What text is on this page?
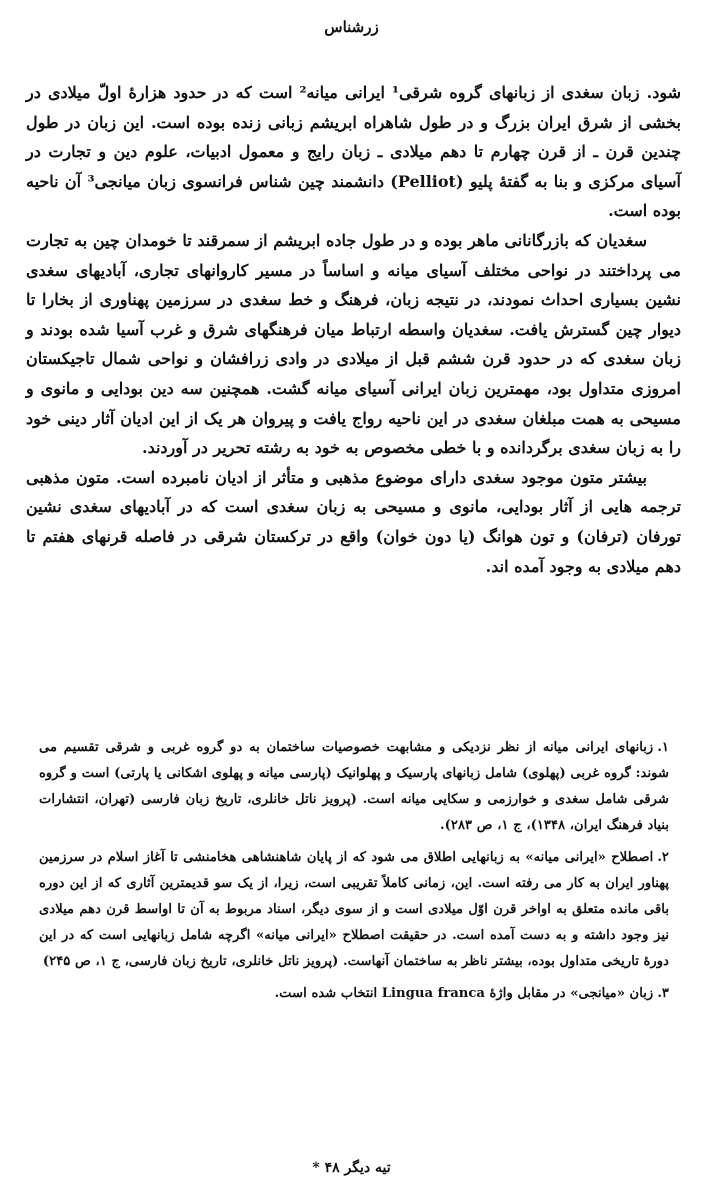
زرشناس

شود. زبان سغدی از زبانهای گروه شرقی¹ ایرانی میانه² است که در حدود هزارهٔ اولّ میلادی در بخشی از شرق ایران بزرگ و در طول شاهراه ابریشم زبانی زنده بوده است. این زبان در طول چندین قرن ـ از قرن چهارم تا دهم میلادی ـ زبان رایج و معمول ادبیات، علوم دین و تجارت در آسیای مرکزی و بنا به گفتهٔ پلیو (Pelliot) دانشمند چین شناس فرانسوی زبان میانجی³ آن ناحیه بوده است.

سغدیان که بازرگانانی ماهر بوده و در طول جاده ابریشم از سمرقند تا خومدان چین به تجارت می پرداختند در نواحی مختلف آسیای میانه و اساساً در مسیر کاروانهای تجاری، آبادیهای سغدی نشین بسیاری احداث نمودند، در نتیجه زبان، فرهنگ و خط سغدی در سرزمین پهناوری از بخارا تا دیوار چین گسترش یافت. سغدیان واسطه ارتباط میان فرهنگهای شرق و غرب آسیا شده بودند و زبان سغدی که در حدود قرن ششم قبل از میلادی در وادی زرافشان و نواحی شمال تاجیکستان امروزی متداول بود، مهمترین زبان ایرانی آسیای میانه گشت. همچنین سه دین بودایی و مانوی و مسیحی به همت مبلغان سغدی در این ناحیه رواج یافت و پیروان هر یک از این ادیان آثار دینی خود را به زبان سغدی برگردانده و با خطی مخصوص به خود به رشته تحریر در آوردند.

بیشتر متون موجود سغدی دارای موضوع مذهبی و متأثر از ادیان نامبرده است. متون مذهبی ترجمه هایی از آثار بودایی، مانوی و مسیحی به زبان سغدی است که در آبادیهای سغدی نشین تورفان (ترفان) و تون هوانگ (یا دون خوان) واقع در ترکستان شرقی در فاصله قرنهای هفتم تا دهم میلادی به وجود آمده اند.

۱.زبانهای ایرانی میانه از نظر نزدیکی و مشابهت خصوصیات ساختمان به دو گروه غربی و شرقی تقسیم می شوند: گروه غربی (پهلوی) شامل زبانهای پارسیک و پهلوانیک (پارسی میانه و پهلوی اشکانی یا پارتی) است و گروه شرقی شامل سغدی و خوارزمی و سکایی میانه است. (پرویز ناتل خانلری، تاریخ زبان فارسی (تهران، انتشارات بنیاد فرهنگ ایران، ۱۳۴۸)، ج ۱، ص ۲۸۳).

۲.اصطلاح «ایرانی میانه» به زبانهایی اطلاق می شود که از پایان شاهنشاهی هخامنشی تا آغاز اسلام در سرزمین پهناور ایران به کار می رفته است. این، زمانی کاملاً تقریبی است، زیرا، از یک سو قدیمترین آثاری که از این دوره باقی مانده متعلق به اواخر قرن اوّل میلادی است و از سوی دیگر، اسناد مربوط به آن تا اواسط قرن دهم میلادی نیز وجود داشته و به دست آمده است. در حقیقت اصطلاح «ایرانی میانه» اگرچه شامل زبانهایی است که در این دورهٔ تاریخی متداول بوده، بیشتر ناظر به ساختمان آنهاست. (پرویز ناتل خانلری، تاریخ زبان فارسی، ج ۱، ص ۲۴۵)

۳.زبان «میانجی» در مقابل واژهٔ Lingua franca انتخاب شده است.

تیه دیگر ۴۸ *
